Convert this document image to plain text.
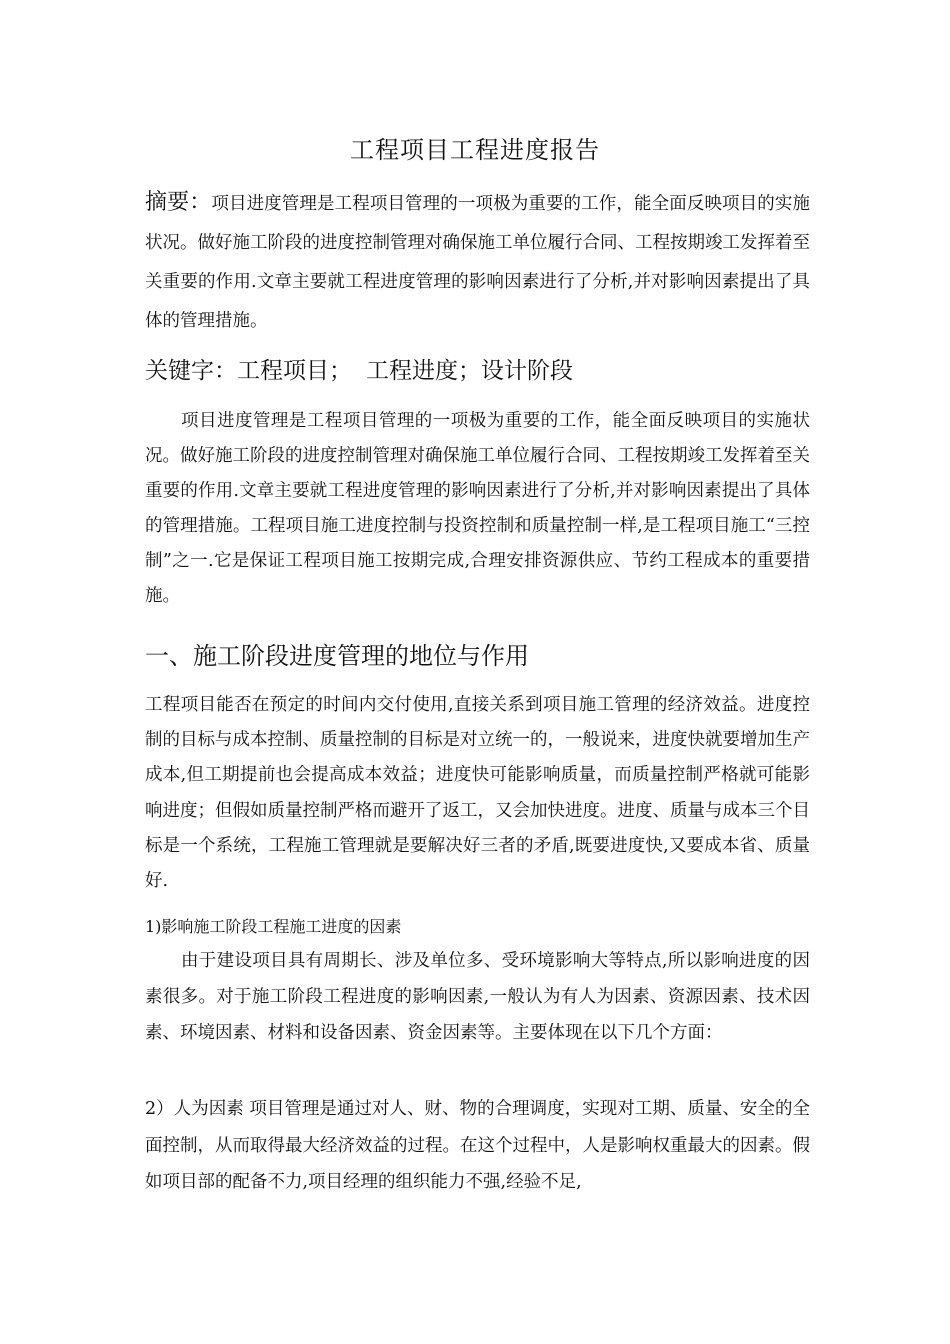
工程项目工程进度报告
摘要：项目进度管理是工程项目管理的一项极为重要的工作，能全面反映项目的实施状况。做好施工阶段的进度控制管理对确保施工单位履行合同、工程按期竣工发挥着至关重要的作用.文章主要就工程进度管理的影响因素进行了分析,并对影响因素提出了具体的管理措施。
关键字：工程项目； 工程进度；设计阶段
项目进度管理是工程项目管理的一项极为重要的工作，能全面反映项目的实施状况。做好施工阶段的进度控制管理对确保施工单位履行合同、工程按期竣工发挥着至关重要的作用.文章主要就工程进度管理的影响因素进行了分析,并对影响因素提出了具体的管理措施。工程项目施工进度控制与投资控制和质量控制一样,是工程项目施工“三控制”之一.它是保证工程项目施工按期完成,合理安排资源供应、节约工程成本的重要措施。
一、施工阶段进度管理的地位与作用
工程项目能否在预定的时间内交付使用,直接关系到项目施工管理的经济效益。进度控制的目标与成本控制、质量控制的目标是对立统一的，一般说来，进度快就要增加生产成本,但工期提前也会提高成本效益；进度快可能影响质量，而质量控制严格就可能影响进度；但假如质量控制严格而避开了返工，又会加快进度。进度、质量与成本三个目标是一个系统，工程施工管理就是要解决好三者的矛盾,既要进度快,又要成本省、质量好.
1)影响施工阶段工程施工进度的因素
由于建设项目具有周期长、涉及单位多、受环境影响大等特点,所以影响进度的因素很多。对于施工阶段工程进度的影响因素,一般认为有人为因素、资源因素、技术因素、环境因素、材料和设备因素、资金因素等。主要体现在以下几个方面：
2）人为因素 项目管理是通过对人、财、物的合理调度，实现对工期、质量、安全的全面控制，从而取得最大经济效益的过程。在这个过程中，人是影响权重最大的因素。假如项目部的配备不力,项目经理的组织能力不强,经验不足,
